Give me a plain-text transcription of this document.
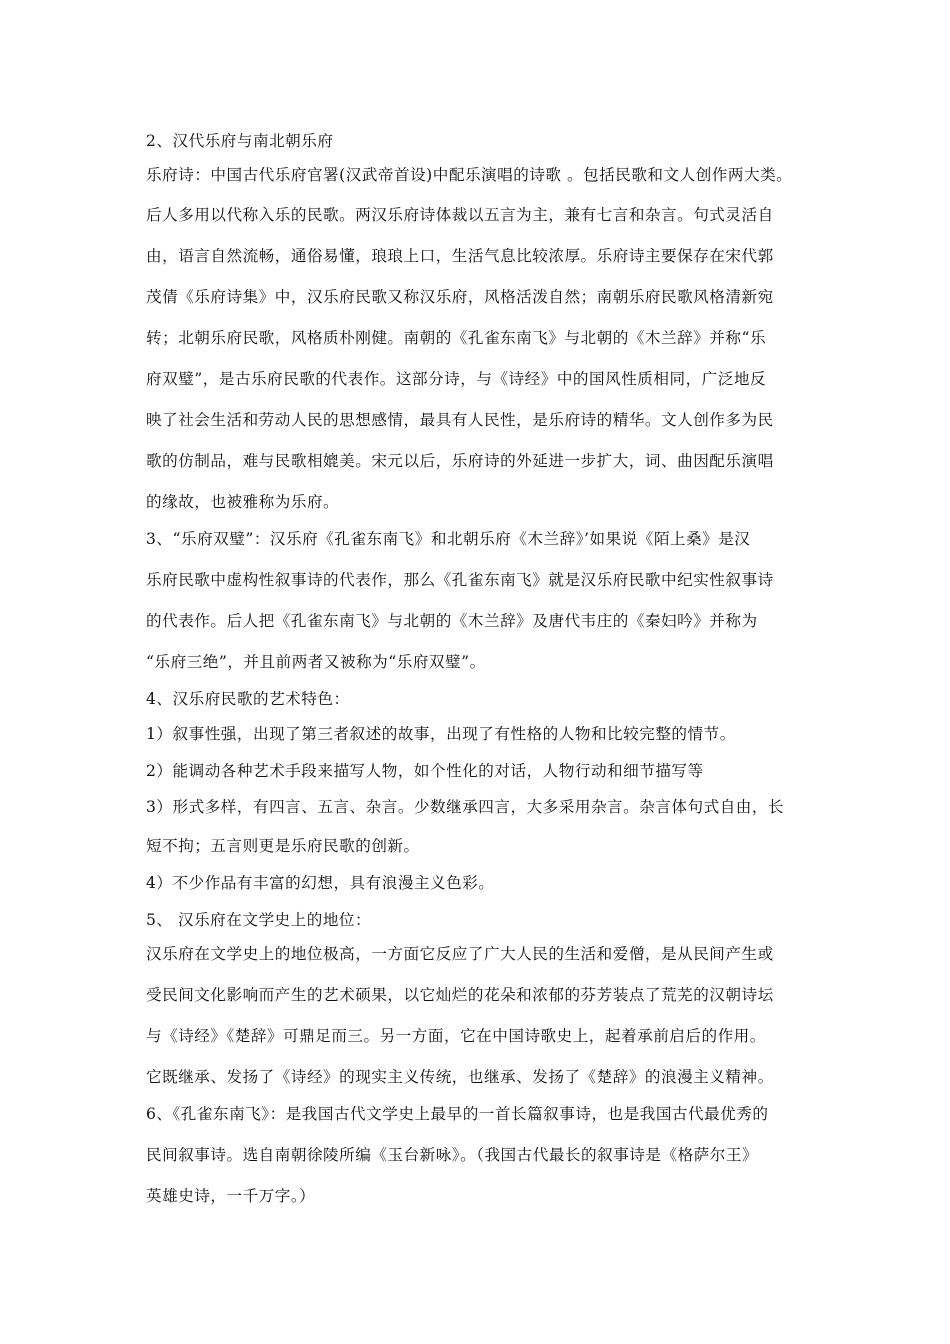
2、汉代乐府与南北朝乐府
乐府诗：中国古代乐府官署(汉武帝首设)中配乐演唱的诗歌 。包括民歌和文人创作两大类。
后人多用以代称入乐的民歌。两汉乐府诗体裁以五言为主，兼有七言和杂言。句式灵活自
由，语言自然流畅，通俗易懂，琅琅上口，生活气息比较浓厚。乐府诗主要保存在宋代郭
茂倩《乐府诗集》中，汉乐府民歌又称汉乐府，风格活泼自然；南朝乐府民歌风格清新宛
转；北朝乐府民歌，风格质朴刚健。南朝的《孔雀东南飞》与北朝的《木兰辞》并称“乐
府双璧”，是古乐府民歌的代表作。这部分诗，与《诗经》中的国风性质相同，广泛地反
映了社会生活和劳动人民的思想感情，最具有人民性，是乐府诗的精华。文人创作多为民
歌的仿制品，难与民歌相媲美。宋元以后，乐府诗的外延进一步扩大，词、曲因配乐演唱
的缘故，也被雅称为乐府。
3、“乐府双璧”：汉乐府《孔雀东南飞》和北朝乐府《木兰辞》’如果说《陌上桑》是汉
乐府民歌中虚构性叙事诗的代表作，那么《孔雀东南飞》就是汉乐府民歌中纪实性叙事诗
的代表作。后人把《孔雀东南飞》与北朝的《木兰辞》及唐代韦庄的《秦妇吟》并称为
“乐府三绝”，并且前两者又被称为“乐府双璧”。
4、汉乐府民歌的艺术特色：
1）叙事性强，出现了第三者叙述的故事，出现了有性格的人物和比较完整的情节。
2）能调动各种艺术手段来描写人物，如个性化的对话，人物行动和细节描写等
3）形式多样，有四言、五言、杂言。少数继承四言，大多采用杂言。杂言体句式自由，长
短不拘；五言则更是乐府民歌的创新。
4）不少作品有丰富的幻想，具有浪漫主义色彩。
5、 汉乐府在文学史上的地位：
汉乐府在文学史上的地位极高，一方面它反应了广大人民的生活和爱僧，是从民间产生或
受民间文化影响而产生的艺术硕果，以它灿烂的花朵和浓郁的芬芳装点了荒芜的汉朝诗坛
与《诗经》《楚辞》可鼎足而三。另一方面，它在中国诗歌史上，起着承前启后的作用。
它既继承、发扬了《诗经》的现实主义传统，也继承、发扬了《楚辞》的浪漫主义精神。
6、《孔雀东南飞》：是我国古代文学史上最早的一首长篇叙事诗，也是我国古代最优秀的
民间叙事诗。选自南朝徐陵所编《玉台新咏》。（我国古代最长的叙事诗是《格萨尔王》
英雄史诗，一千万字。）
